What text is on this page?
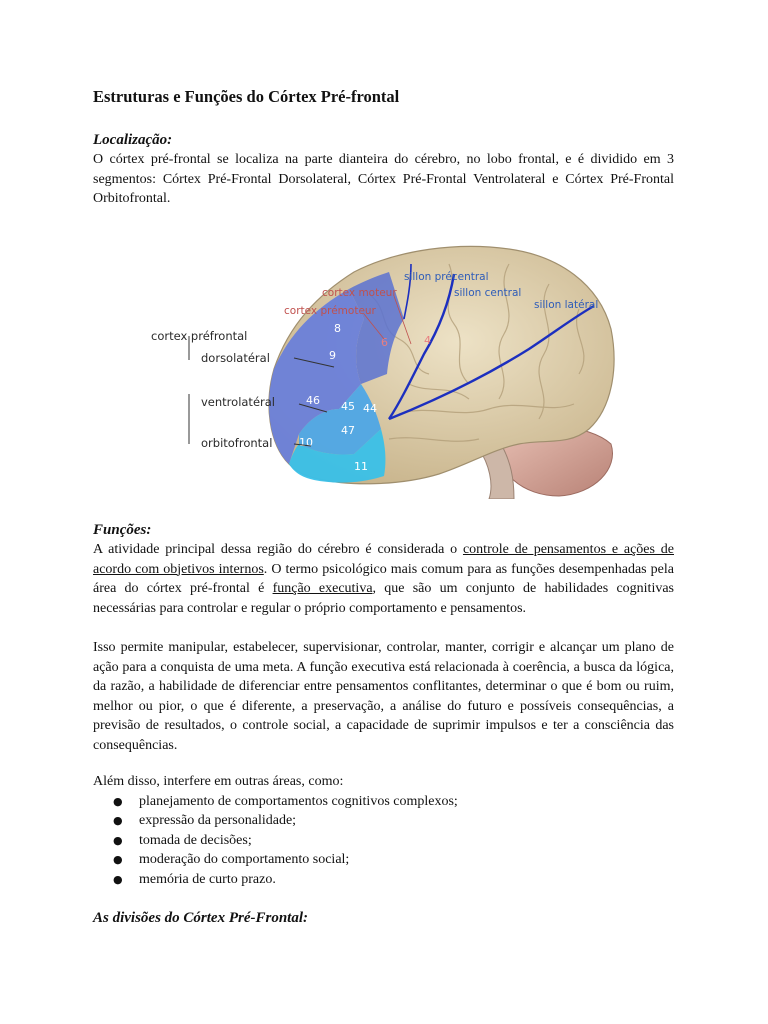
Estruturas e Funções do Córtex Pré-frontal
Localização:

O córtex pré-frontal se localiza na parte dianteira do cérebro, no lobo frontal, e é dividido em 3 segmentos: Córtex Pré-Frontal Dorsolateral, Córtex Pré-Frontal Ventrolateral e Córtex Pré-Frontal Orbitofrontal.

8
9
46 45 44
47
10
11
6	4
cortex préfrontal
dorsolatéral
ventrolatéral
orbitofrontal
cortex moteur
cortex prémoteur
sillon précentral
sillon central
sillon latéral
Funções:

A atividade principal dessa região do cérebro é considerada o controle de pensamentos e ações de acordo com objetivos internos. O termo psicológico mais comum para as funções desempenhadas pela área do córtex pré-frontal é função executiva, que são um conjunto de habilidades cognitivas necessárias para controlar e regular o próprio comportamento e pensamentos.

Isso permite manipular, estabelecer, supervisionar, controlar, manter, corrigir e alcançar um plano de ação para a conquista de uma meta. A função executiva está relacionada à coerência, a busca da lógica, da razão, a habilidade de diferenciar entre pensamentos conflitantes, determinar o que é bom ou ruim, melhor ou pior, o que é diferente, a preservação, a análise do futuro e possíveis consequências, a previsão de resultados, o controle social, a capacidade de suprimir impulsos e ter a consciência das consequências.

Além disso, interfere em outras áreas, como:

● planejamento de comportamentos cognitivos complexos;
● expressão da personalidade;
● tomada de decisões;
● moderação do comportamento social;
● memória de curto prazo.
As divisões do Córtex Pré-Frontal:
